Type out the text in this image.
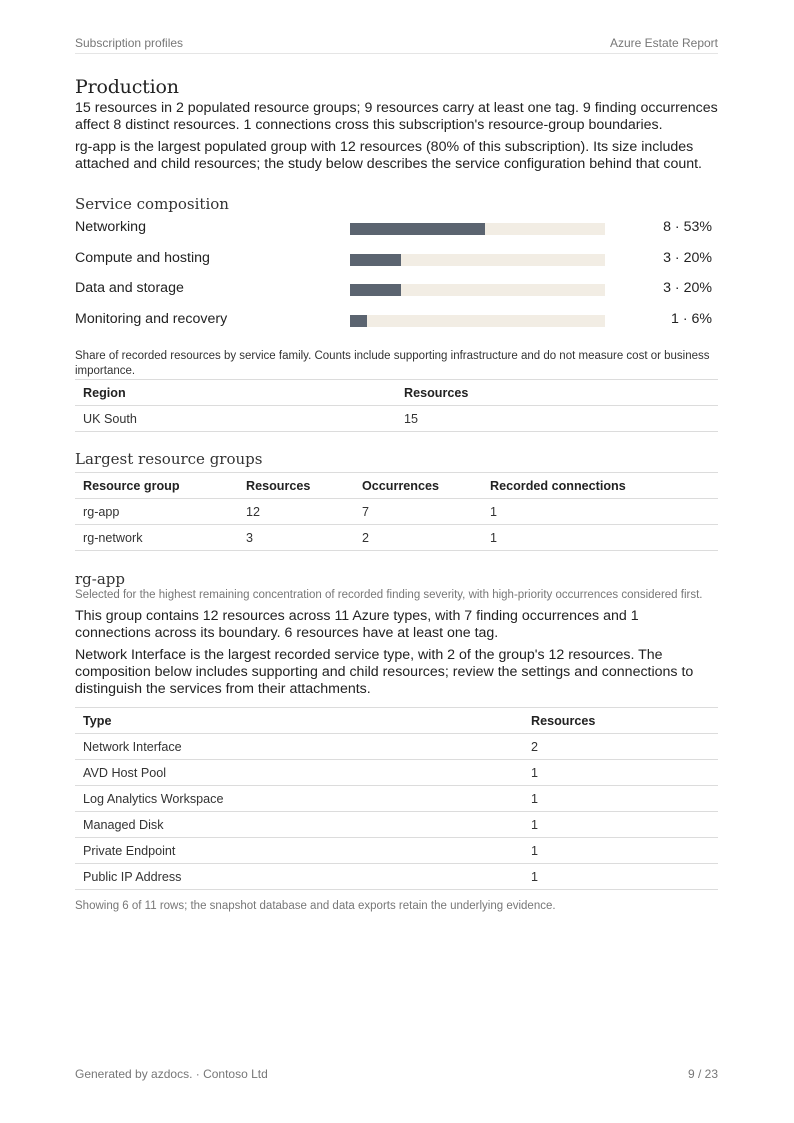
Subscription profiles	Azure Estate Report
Production

15 resources in 2 populated resource groups; 9 resources carry at least one tag. 9 finding occurrences affect 8 distinct resources. 1 connections cross this subscription's resource-group boundaries.

rg-app is the largest populated group with 12 resources (80% of this subscription). Its size includes attached and child resources; the study below describes the service configuration behind that count.

Service composition
Networking	8 · 53%
Compute and hosting	3 · 20%
Data and storage	3 · 20%
Monitoring and recovery	1 · 6%

Share of recorded resources by service family. Counts include supporting infrastructure and do not measure cost or business importance.

Region	Resources
UK South	15
Largest resource groups
Resource group	Resources	Occurrences	Recorded connections
rg-app	12	7	1
rg-network	3	2	1
rg-app

Selected for the highest remaining concentration of recorded finding severity, with high-priority occurrences considered first.

This group contains 12 resources across 11 Azure types, with 7 finding occurrences and 1 connections across its boundary. 6 resources have at least one tag.

Network Interface is the largest recorded service type, with 2 of the group's 12 resources. The composition below includes supporting and child resources; review the settings and connections to distinguish the services from their attachments.

Type	Resources
Network Interface	2
AVD Host Pool	1
Log Analytics Workspace	1
Managed Disk	1
Private Endpoint	1
Public IP Address	1

Showing 6 of 11 rows; the snapshot database and data exports retain the underlying evidence.

Generated by azdocs. · Contoso Ltd	9 / 23
